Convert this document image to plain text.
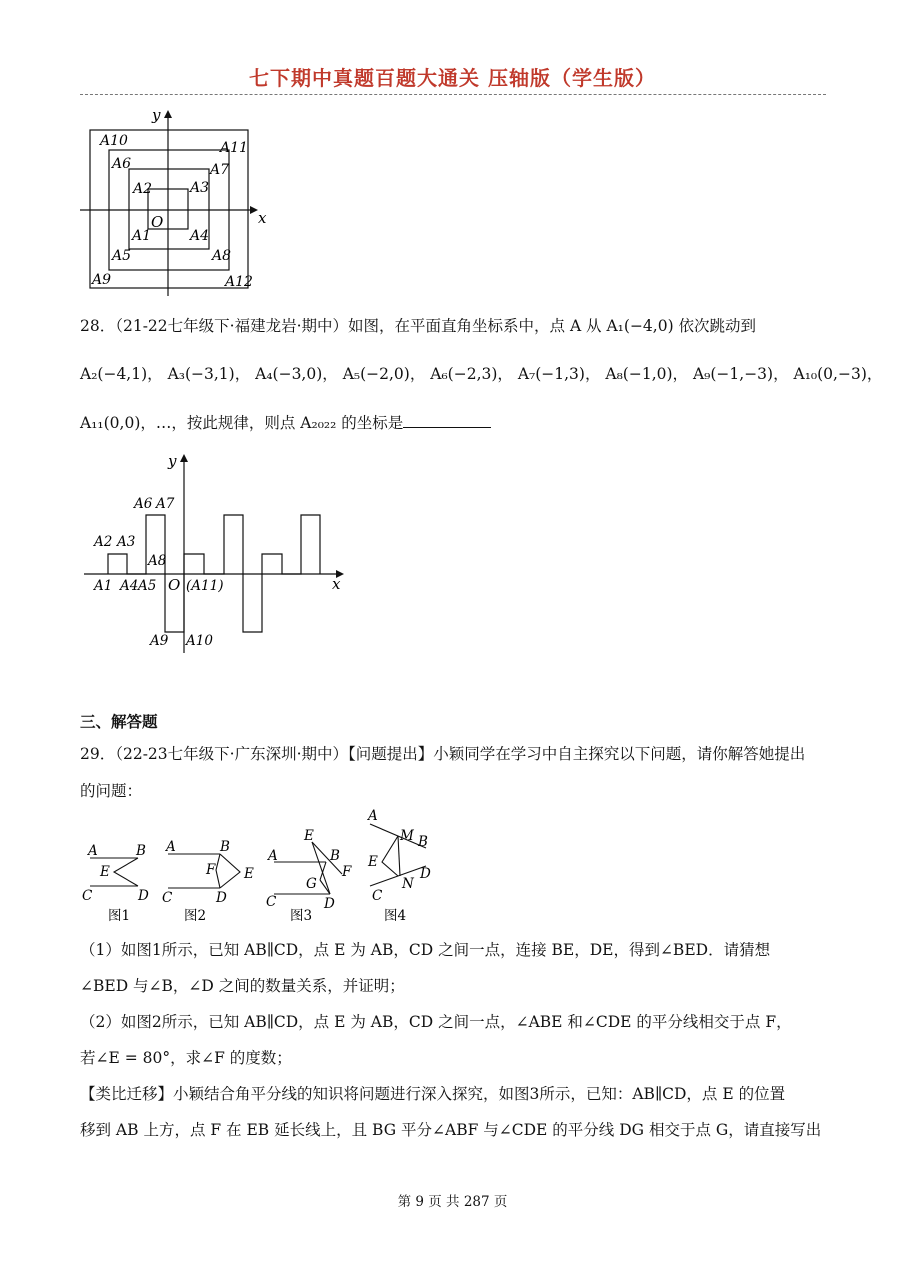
七下期中真题百题大通关 压轴版（学生版）
x
y
O
A10	A11
A6	A7
A2	A3
A1	A4
A5	A8
A9	A12
28．（21-22七年级下·福建龙岩·期中）如图，在平面直角坐标系中，点 A 从 A₁(−4,0) 依次跳动到
A₂(−4,1)， A₃(−3,1)， A₄(−3,0)， A₅(−2,0)， A₆(−2,3)， A₇(−1,3)， A₈(−1,0)， A₉(−1,−3)， A₁₀(0,−3)，
A₁₁(0,0)，…，按此规律，则点 A₂₀₂₂ 的坐标是
x
y
O
A6 A7
A2 A3
A8
A1 A4 A5 (A11)
A9 A10
三、解答题
29．（22-23七年级下·广东深圳·期中）【问题提出】小颖同学在学习中自主探究以下问题，请你解答她提出
的问题：
A	B
E
C	D
A	B
F E
C	D
E
A	B
F
G
C	D
A
M B
E
N
D
C
图1	图2	图3	图4
（1）如图1所示，已知 AB∥CD，点 E 为 AB，CD 之间一点，连接 BE，DE，得到∠BED．请猜想
∠BED 与∠B，∠D 之间的数量关系，并证明；
（2）如图2所示，已知 AB∥CD，点 E 为 AB，CD 之间一点，∠ABE 和∠CDE 的平分线相交于点 F，
若∠E = 80°，求∠F 的度数；
【类比迁移】小颖结合角平分线的知识将问题进行深入探究，如图3所示，已知：AB∥CD，点 E 的位置
移到 AB 上方，点 F 在 EB 延长线上，且 BG 平分∠ABF 与∠CDE 的平分线 DG 相交于点 G，请直接写出
第 9 页 共 287 页
